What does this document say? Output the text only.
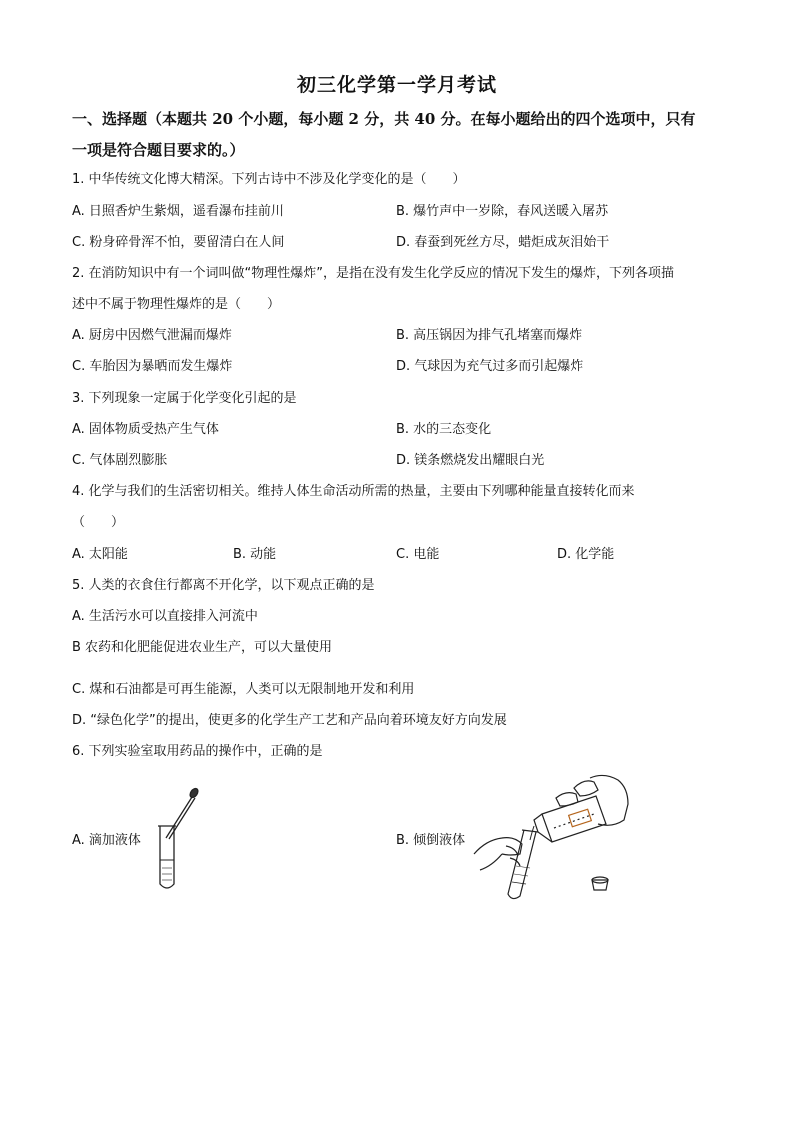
初三化学第一学月考试
一、选择题（本题共 20 个小题，每小题 2 分，共 40 分。在每小题给出的四个选项中，只有
一项是符合题目要求的。）
1. 中华传统文化博大精深。下列古诗中不涉及化学变化的是（　　）
A. 日照香炉生紫烟，遥看瀑布挂前川	B. 爆竹声中一岁除，春风送暖入屠苏
C. 粉身碎骨浑不怕，要留清白在人间	D. 春蚕到死丝方尽，蜡炬成灰泪始干
2. 在消防知识中有一个词叫做“物理性爆炸”，是指在没有发生化学反应的情况下发生的爆炸，下列各项描
述中不属于物理性爆炸的是（　　）
A. 厨房中因燃气泄漏而爆炸	B. 高压锅因为排气孔堵塞而爆炸
C. 车胎因为暴晒而发生爆炸	D. 气球因为充气过多而引起爆炸
3. 下列现象一定属于化学变化引起的是
A. 固体物质受热产生气体	B. 水的三态变化
C. 气体剧烈膨胀	D. 镁条燃烧发出耀眼白光
4. 化学与我们的生活密切相关。维持人体生命活动所需的热量，主要由下列哪种能量直接转化而来
（　　）
A. 太阳能	B. 动能	C. 电能	D. 化学能
5. 人类的衣食住行都离不开化学，以下观点正确的是
A. 生活污水可以直接排入河流中
B 农药和化肥能促进农业生产，可以大量使用
C. 煤和石油都是可再生能源，人类可以无限制地开发和利用
D. “绿色化学”的提出，使更多的化学生产工艺和产品向着环境友好方向发展
6. 下列实验室取用药品的操作中，正确的是
A. 滴加液体	B. 倾倒液体
